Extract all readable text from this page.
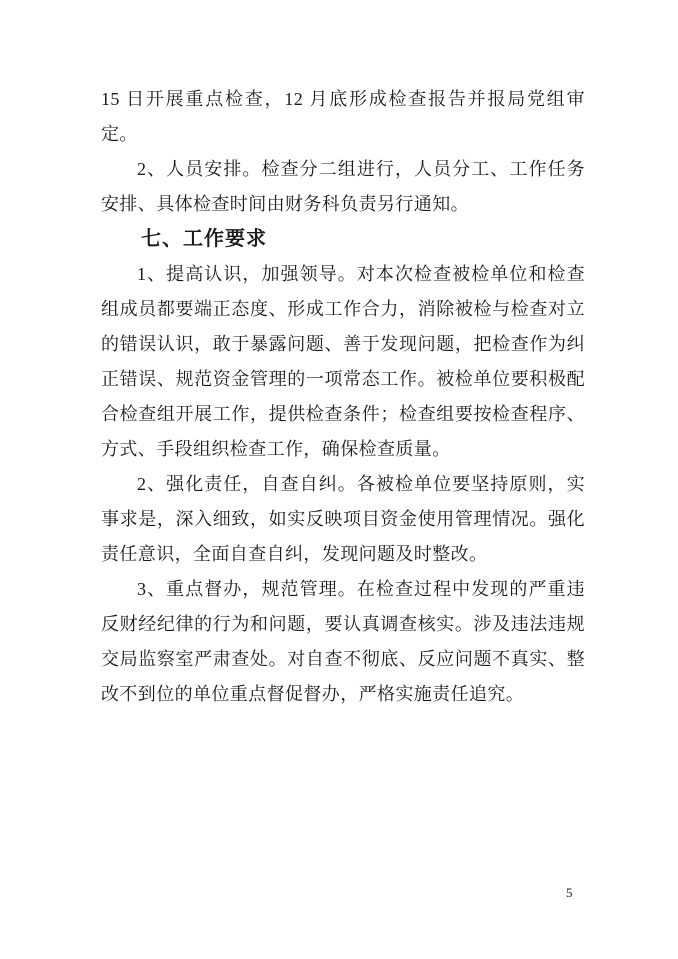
15 日开展重点检查，12 月底形成检查报告并报局党组审定。

2、人员安排。检查分二组进行，人员分工、工作任务安排、具体检查时间由财务科负责另行通知。

七、工作要求

1、提高认识，加强领导。对本次检查被检单位和检查组成员都要端正态度、形成工作合力，消除被检与检查对立的错误认识，敢于暴露问题、善于发现问题，把检查作为纠正错误、规范资金管理的一项常态工作。被检单位要积极配合检查组开展工作，提供检查条件；检查组要按检查程序、方式、手段组织检查工作，确保检查质量。

2、强化责任，自查自纠。各被检单位要坚持原则，实事求是，深入细致，如实反映项目资金使用管理情况。强化责任意识，全面自查自纠，发现问题及时整改。

3、重点督办，规范管理。在检查过程中发现的严重违反财经纪律的行为和问题，要认真调查核实。涉及违法违规交局监察室严肃查处。对自查不彻底、反应问题不真实、整改不到位的单位重点督促督办，严格实施责任追究。

5
